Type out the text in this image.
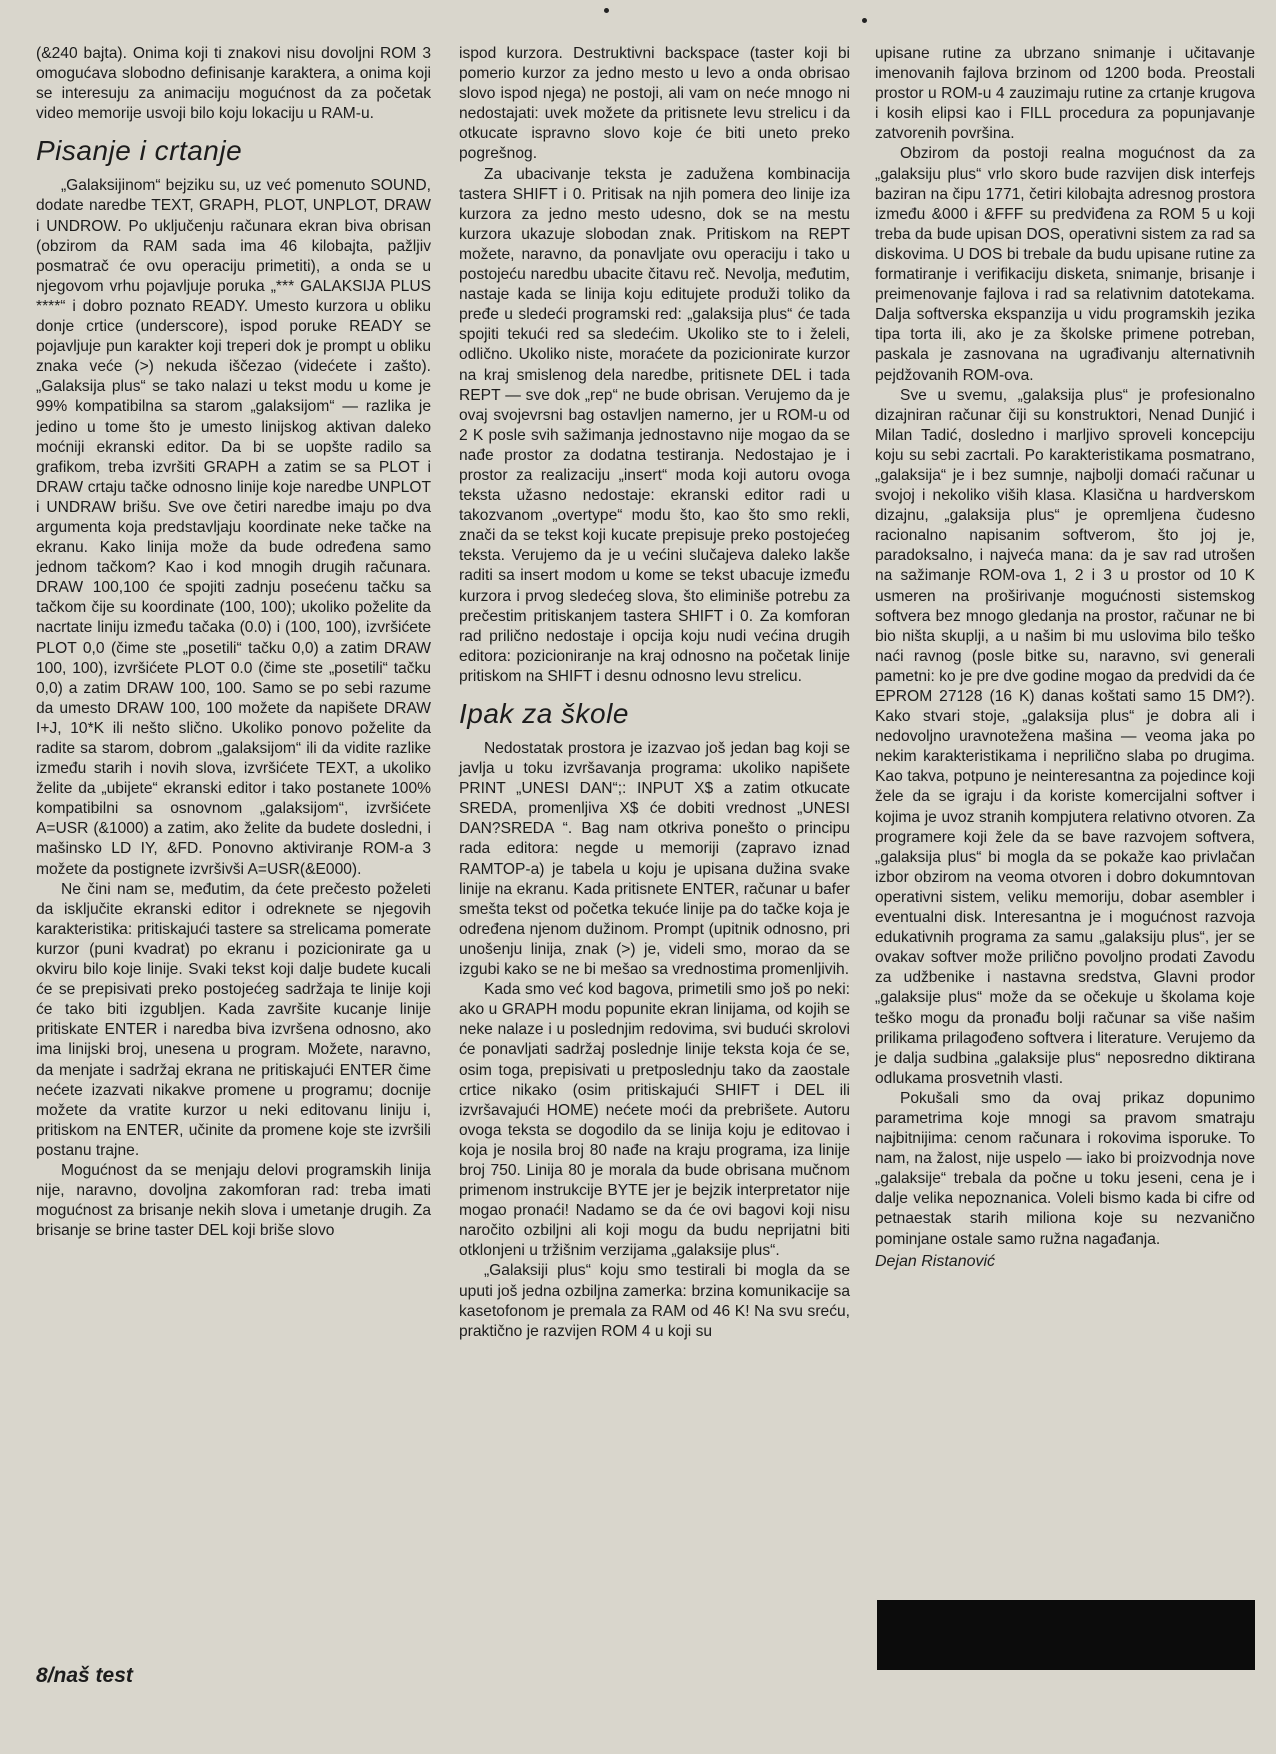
(&240 bajta). Onima koji ti znakovi nisu dovoljni ROM 3 omogućava slobodno definisanje karaktera, a onima koji se interesuju za animaciju mogućnost da za početak video memorije usvoji bilo koju lokaciju u RAM-u.

Pisanje i crtanje

„Galaksijinom“ bejziku su, uz već pomenuto SOUND, dodate naredbe TEXT, GRAPH, PLOT, UNPLOT, DRAW i UNDROW. Po uključenju računara ekran biva obrisan (obzirom da RAM sada ima 46 kilobajta, pažljiv posmatrač će ovu operaciju primetiti), a onda se u njegovom vrhu pojavljuje poruka „*** GALAKSIJA PLUS ****“ i dobro poznato READY. Umesto kurzora u obliku donje crtice (underscore), ispod poruke READY se pojavljuje pun karakter koji treperi dok je prompt u obliku znaka veće (>) nekuda iščezao (videćete i zašto). „Galaksija plus“ se tako nalazi u tekst modu u kome je 99% kompatibilna sa starom „galaksijom“ — razlika je jedino u tome što je umesto linijskog aktivan daleko moćniji ekranski editor. Da bi se uopšte radilo sa grafikom, treba izvršiti GRAPH a zatim se sa PLOT i DRAW crtaju tačke odnosno linije koje naredbe UNPLOT i UNDRAW brišu. Sve ove četiri naredbe imaju po dva argumenta koja predstavljaju koordinate neke tačke na ekranu. Kako linija može da bude određena samo jednom tačkom? Kao i kod mnogih drugih računara. DRAW 100,100 će spojiti zadnju posećenu tačku sa tačkom čije su koordinate (100, 100); ukoliko poželite da nacrtate liniju između tačaka (0.0) i (100, 100), izvršićete PLOT 0,0 (čime ste „posetili“ tačku 0,0) a zatim DRAW 100, 100), izvršićete PLOT 0.0 (čime ste „posetili“ tačku 0,0) a zatim DRAW 100, 100. Samo se po sebi razume da umesto DRAW 100, 100 možete da napišete DRAW I+J, 10*K ili nešto slično. Ukoliko ponovo poželite da radite sa starom, dobrom „galaksijom“ ili da vidite razlike između starih i novih slova, izvršićete TEXT, a ukoliko želite da „ubijete“ ekranski editor i tako postanete 100% kompatibilni sa osnovnom „galaksijom“, izvršićete A=USR (&1000) a zatim, ako želite da budete dosledni, i mašinsko LD IY, &FD. Ponovno aktiviranje ROM-a 3 možete da postignete izvršivši A=USR(&E000).

Ne čini nam se, međutim, da ćete prečesto poželeti da isključite ekranski editor i odreknete se njegovih karakteristika: pritiskajući tastere sa strelicama pomerate kurzor (puni kvadrat) po ekranu i pozicionirate ga u okviru bilo koje linije. Svaki tekst koji dalje budete kucali će se prepisivati preko postojećeg sadržaja te linije koji će tako biti izgubljen. Kada završite kucanje linije pritiskate ENTER i naredba biva izvršena odnosno, ako ima linijski broj, unesena u program. Možete, naravno, da menjate i sadržaj ekrana ne pritiskajući ENTER čime nećete izazvati nikakve promene u programu; docnije možete da vratite kurzor u neki editovanu liniju i, pritiskom na ENTER, učinite da promene koje ste izvršili postanu trajne.

Mogućnost da se menjaju delovi programskih linija nije, naravno, dovoljna zakomforan rad: treba imati mogućnost za brisanje nekih slova i umetanje drugih. Za brisanje se brine taster DEL koji briše slovo

ispod kurzora. Destruktivni backspace (taster koji bi pomerio kurzor za jedno mesto u levo a onda obrisao slovo ispod njega) ne postoji, ali vam on neće mnogo ni nedostajati: uvek možete da pritisnete levu strelicu i da otkucate ispravno slovo koje će biti uneto preko pogrešnog.

Za ubacivanje teksta je zadužena kombinacija tastera SHIFT i 0. Pritisak na njih pomera deo linije iza kurzora za jedno mesto udesno, dok se na mestu kurzora ukazuje slobodan znak. Pritiskom na REPT možete, naravno, da ponavljate ovu operaciju i tako u postojeću naredbu ubacite čitavu reč. Nevolja, međutim, nastaje kada se linija koju editujete produži toliko da pređe u sledeći programski red: „galaksija plus“ će tada spojiti tekući red sa sledećim. Ukoliko ste to i želeli, odlično. Ukoliko niste, moraćete da pozicionirate kurzor na kraj smislenog dela naredbe, pritisnete DEL i tada REPT — sve dok „rep“ ne bude obrisan. Verujemo da je ovaj svojevrsni bag ostavljen namerno, jer u ROM-u od 2 K posle svih sažimanja jednostavno nije mogao da se nađe prostor za dodatna testiranja. Nedostajao je i prostor za realizaciju „insert“ moda koji autoru ovoga teksta užasno nedostaje: ekranski editor radi u takozvanom „overtype“ modu što, kao što smo rekli, znači da se tekst koji kucate prepisuje preko postojećeg teksta. Verujemo da je u većini slučajeva daleko lakše raditi sa insert modom u kome se tekst ubacuje između kurzora i prvog sledećeg slova, što eliminiše potrebu za prečestim pritiskanjem tastera SHIFT i 0. Za komforan rad prilično nedostaje i opcija koju nudi većina drugih editora: pozicioniranje na kraj odnosno na početak linije pritiskom na SHIFT i desnu odnosno levu strelicu.

Ipak za škole

Nedostatak prostora je izazvao još jedan bag koji se javlja u toku izvršavanja programa: ukoliko napišete PRINT „UNESI DAN“;: INPUT X$ a zatim otkucate SREDA, promenljiva X$ će dobiti vrednost „UNESI DAN?SREDA “. Bag nam otkriva ponešto o principu rada editora: negde u memoriji (zapravo iznad RAMTOP-a) je tabela u koju je upisana dužina svake linije na ekranu. Kada pritisnete ENTER, računar u bafer smešta tekst od početka tekuće linije pa do tačke koja je određena njenom dužinom. Prompt (upitnik odnosno, pri unošenju linija, znak (>) je, videli smo, morao da se izgubi kako se ne bi mešao sa vrednostima promenljivih.

Kada smo već kod bagova, primetili smo još po neki: ako u GRAPH modu popunite ekran linijama, od kojih se neke nalaze i u poslednjim redovima, svi budući skrolovi će ponavljati sadržaj poslednje linije teksta koja će se, osim toga, prepisivati u pretposlednju tako da zaostale crtice nikako (osim pritiskajući SHIFT i DEL ili izvršavajući HOME) nećete moći da prebrišete. Autoru ovoga teksta se dogodilo da se linija koju je editovao i koja je nosila broj 80 nađe na kraju programa, iza linije broj 750. Linija 80 je morala da bude obrisana mučnom primenom instrukcije BYTE jer je bejzik interpretator nije mogao pronaći! Nadamo se da će ovi bagovi koji nisu naročito ozbiljni ali koji mogu da budu neprijatni biti otklonjeni u tržišnim verzijama „galaksije plus“.

„Galaksiji plus“ koju smo testirali bi mogla da se uputi još jedna ozbiljna zamerka: brzina komunikacije sa kasetofonom je premala za RAM od 46 K! Na svu sreću, praktično je razvijen ROM 4 u koji su

upisane rutine za ubrzano snimanje i učitavanje imenovanih fajlova brzinom od 1200 boda. Preostali prostor u ROM-u 4 zauzimaju rutine za crtanje krugova i kosih elipsi kao i FILL procedura za popunjavanje zatvorenih površina.

Obzirom da postoji realna mogućnost da za „galaksiju plus“ vrlo skoro bude razvijen disk interfejs baziran na čipu 1771, četiri kilobajta adresnog prostora između &000 i &FFF su predviđena za ROM 5 u koji treba da bude upisan DOS, operativni sistem za rad sa diskovima. U DOS bi trebale da budu upisane rutine za formatiranje i verifikaciju disketa, snimanje, brisanje i preimenovanje fajlova i rad sa relativnim datotekama. Dalja softverska ekspanzija u vidu programskih jezika tipa torta ili, ako je za školske primene potreban, paskala je zasnovana na ugrađivanju alternativnih pejdžovanih ROM-ova.

Sve u svemu, „galaksija plus“ je profesionalno dizajniran računar čiji su konstruktori, Nenad Dunjić i Milan Tadić, dosledno i marljivo sproveli koncepciju koju su sebi zacrtali. Po karakteristikama posmatrano, „galaksija“ je i bez sumnje, najbolji domaći računar u svojoj i nekoliko viših klasa. Klasična u hardverskom dizajnu, „galaksija plus“ je opremljena čudesno racionalno napisanim softverom, što joj je, paradoksalno, i najveća mana: da je sav rad utrošen na sažimanje ROM-ova 1, 2 i 3 u prostor od 10 K usmeren na proširivanje mogućnosti sistemskog softvera bez mnogo gledanja na prostor, računar ne bi bio ništa skuplji, a u našim bi mu uslovima bilo teško naći ravnog (posle bitke su, naravno, svi generali pametni: ko je pre dve godine mogao da predvidi da će EPROM 27128 (16 K) danas koštati samo 15 DM?). Kako stvari stoje, „galaksija plus“ je dobra ali i nedovoljno uravnotežena mašina — veoma jaka po nekim karakteristikama i neprilično slaba po drugima. Kao takva, potpuno je neinteresantna za pojedince koji žele da se igraju i da koriste komercijalni softver i kojima je uvoz stranih kompjutera relativno otvoren. Za programere koji žele da se bave razvojem softvera, „galaksija plus“ bi mogla da se pokaže kao privlačan izbor obzirom na veoma otvoren i dobro dokumntovan operativni sistem, veliku memoriju, dobar asembler i eventualni disk. Interesantna je i mogućnost razvoja edukativnih programa za samu „galaksiju plus“, jer se ovakav softver može prilično povoljno prodati Zavodu za udžbenike i nastavna sredstva, Glavni prodor „galaksije plus“ može da se očekuje u školama koje teško mogu da pronađu bolji računar sa više našim prilikama prilagođeno softvera i literature. Verujemo da je dalja sudbina „galaksije plus“ neposredno diktirana odlukama prosvetnih vlasti.

Pokušali smo da ovaj prikaz dopunimo parametrima koje mnogi sa pravom smatraju najbitnijima: cenom računara i rokovima isporuke. To nam, na žalost, nije uspelo — iako bi proizvodnja nove „galaksije“ trebala da počne u toku jeseni, cena je i dalje velika nepoznanica. Voleli bismo kada bi cifre od petnaestak starih miliona koje su nezvanično pominjane ostale samo ružna nagađanja.

Dejan Ristanović
8/naš test
